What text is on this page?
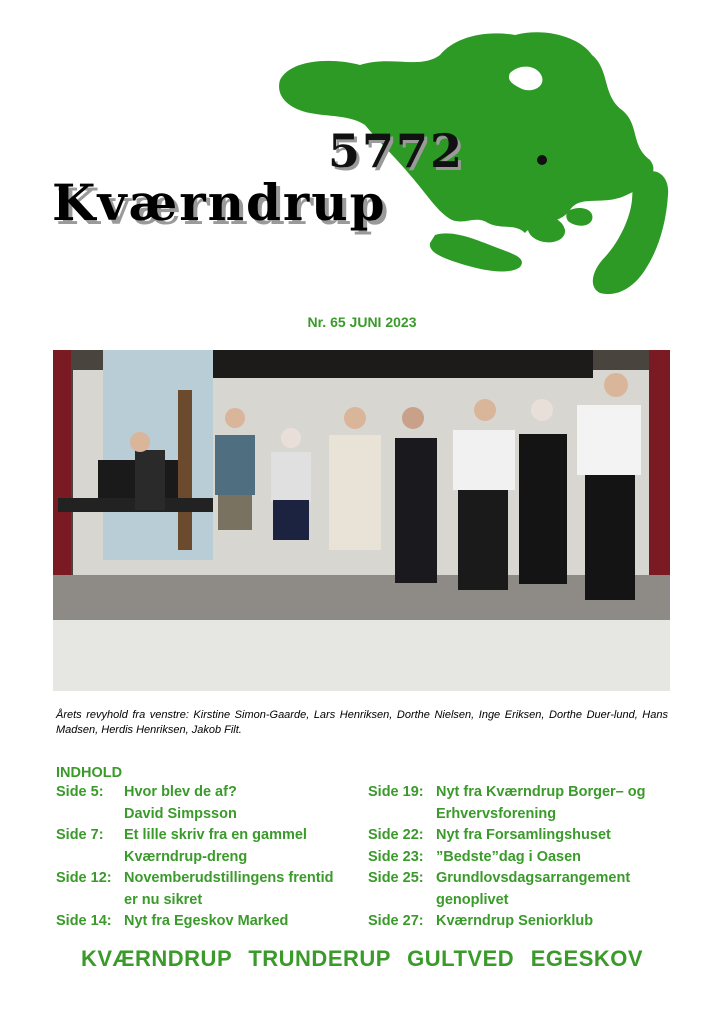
5772
Kværndrup
Nr. 65 JUNI 2023
Årets revyhold fra venstre: Kirstine Simon-Gaarde, Lars Henriksen, Dorthe Nielsen, Inge Eriksen, Dorthe Duer-lund, Hans Madsen, Herdis Henriksen, Jakob Filt.
INDHOLD
Side 5:	Hvor blev de af?
David Simpsson
Side 7:	Et lille skriv fra en gammel
Kværndrup-dreng
Side 12: Novemberudstillingens frentid
er nu sikret
Side 14: Nyt fra Egeskov Marked
Side 19: Nyt fra Kværndrup Borger– og
Erhvervsforening
Side 22: Nyt fra Forsamlingshuset
Side 23: ”Bedste”dag i Oasen
Side 25: Grundlovsdagsarrangement
genoplivet
Side 27: Kværndrup Seniorklub
KVÆRNDRUP TRUNDERUP GULTVED EGESKOV
